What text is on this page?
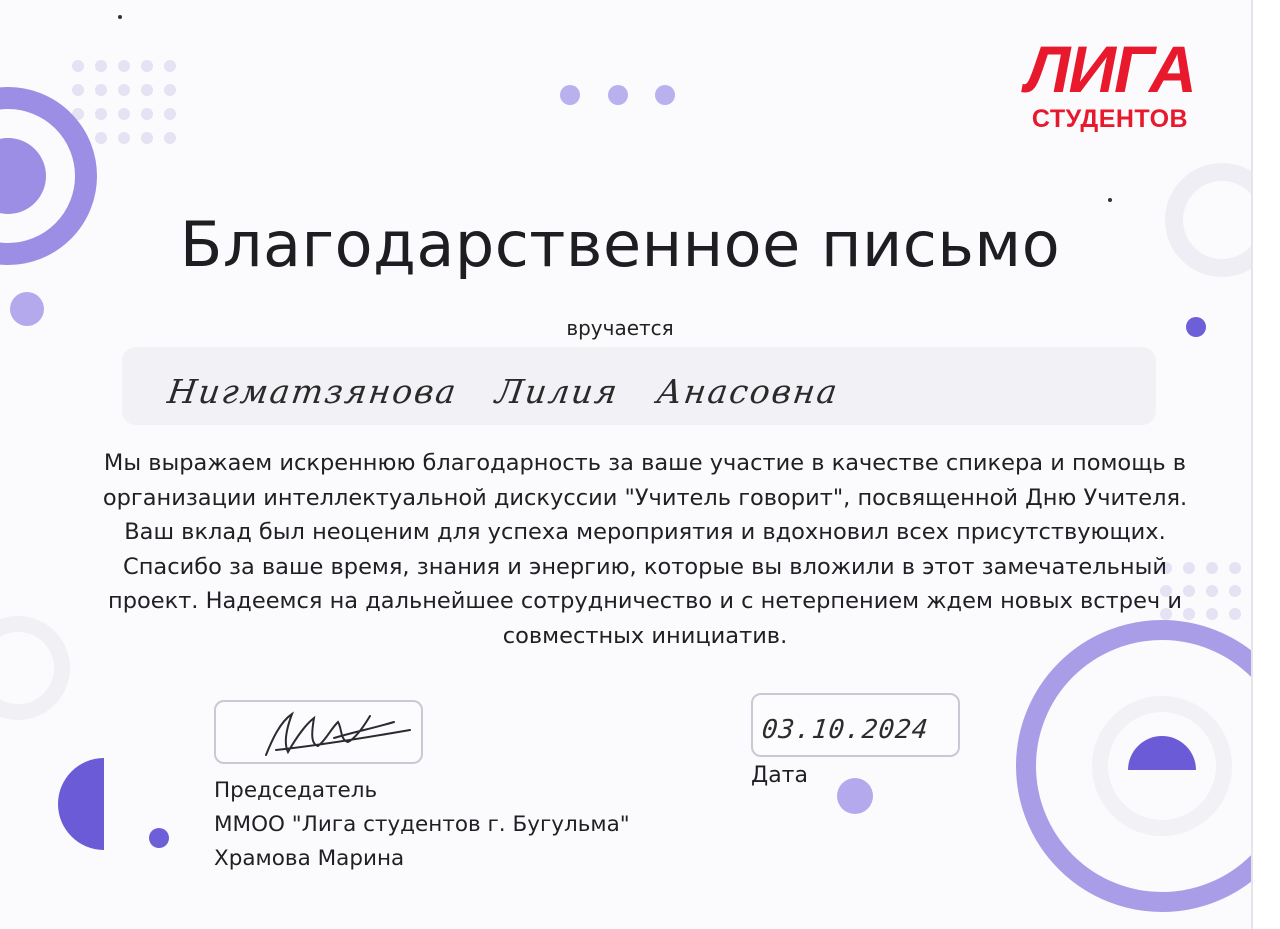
ЛИГА
СТУДЕНТОВ
Благодарственное письмо
вручается
Нигматзянова Лилия Анасовна
Мы выражаем искреннюю благодарность за ваше участие в качестве спикера и помощь в организации интеллектуальной дискуссии "Учитель говорит", посвященной Дню Учителя. Ваш вклад был неоценим для успеха мероприятия и вдохновил всех присутствующих. Спасибо за ваше время, знания и энергию, которые вы вложили в этот замечательный проект. Надеемся на дальнейшее сотрудничество и с нетерпением ждем новых встреч и совместных инициатив.
03.10.2024
Дата
Председатель
ММОО "Лига студентов г. Бугульма"
Храмова Марина
